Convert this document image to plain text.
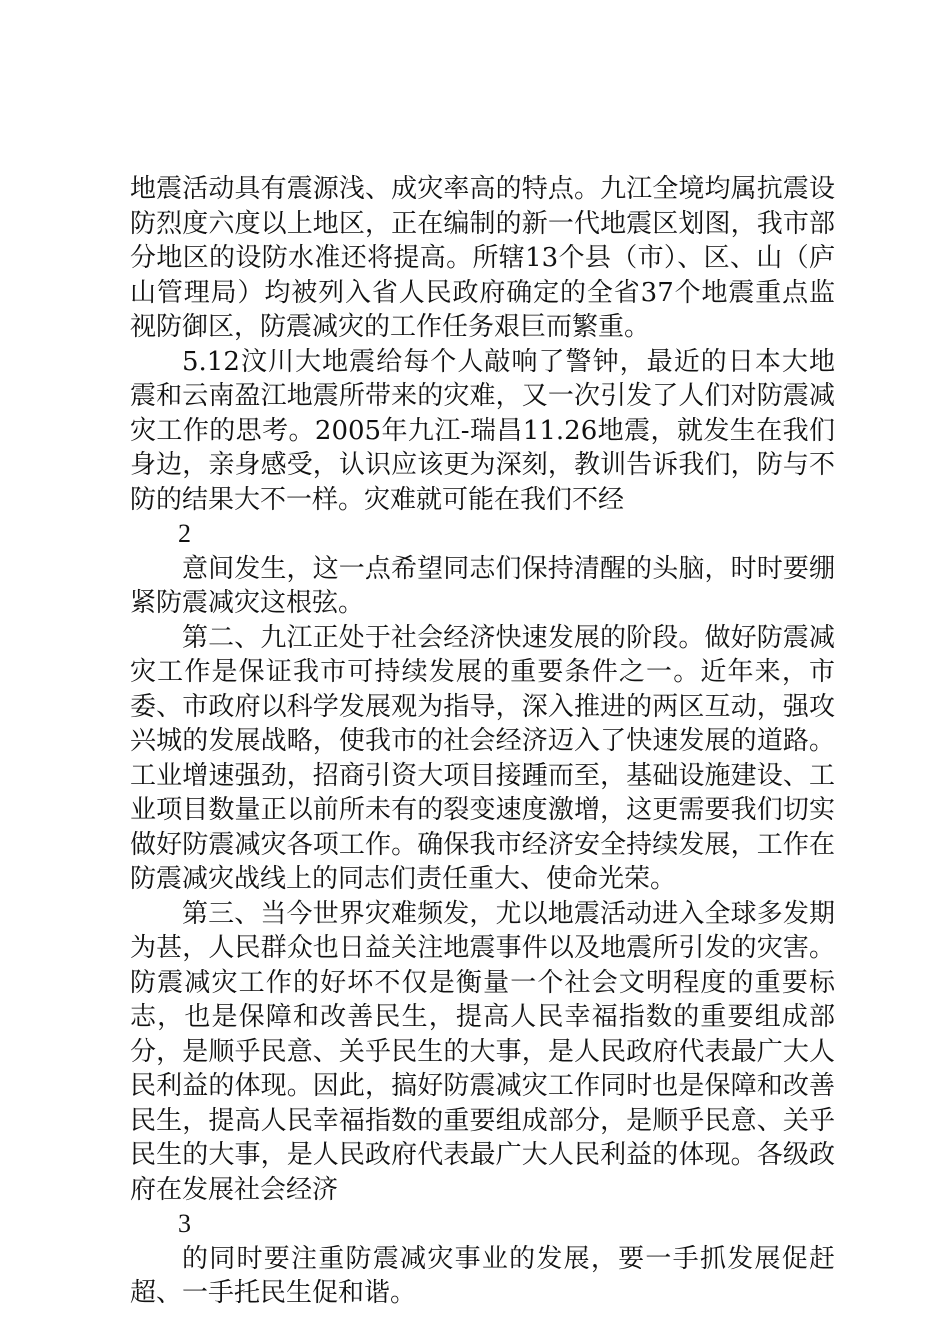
地震活动具有震源浅、成灾率高的特点。九江全境均属抗震设防烈度六度以上地区，正在编制的新一代地震区划图，我市部分地区的设防水准还将提高。所辖13个县（市）、区、山（庐山管理局）均被列入省人民政府确定的全省37个地震重点监视防御区，防震减灾的工作任务艰巨而繁重。

5.12汶川大地震给每个人敲响了警钟，最近的日本大地震和云南盈江地震所带来的灾难，又一次引发了人们对防震减灾工作的思考。2005年九江-瑞昌11.26地震，就发生在我们身边，亲身感受，认识应该更为深刻，教训告诉我们，防与不防的结果大不一样。灾难就可能在我们不经

2

意间发生，这一点希望同志们保持清醒的头脑，时时要绷紧防震减灾这根弦。

第二、九江正处于社会经济快速发展的阶段。做好防震减灾工作是保证我市可持续发展的重要条件之一。近年来，市委、市政府以科学发展观为指导，深入推进的两区互动，强攻兴城的发展战略，使我市的社会经济迈入了快速发展的道路。工业增速强劲，招商引资大项目接踵而至，基础设施建设、工业项目数量正以前所未有的裂变速度激增，这更需要我们切实做好防震减灾各项工作。确保我市经济安全持续发展，工作在防震减灾战线上的同志们责任重大、使命光荣。

第三、当今世界灾难频发，尤以地震活动进入全球多发期为甚，人民群众也日益关注地震事件以及地震所引发的灾害。防震减灾工作的好坏不仅是衡量一个社会文明程度的重要标志，也是保障和改善民生，提高人民幸福指数的重要组成部分，是顺乎民意、关乎民生的大事，是人民政府代表最广大人民利益的体现。因此，搞好防震减灾工作同时也是保障和改善民生，提高人民幸福指数的重要组成部分，是顺乎民意、关乎民生的大事，是人民政府代表最广大人民利益的体现。各级政府在发展社会经济

3

的同时要注重防震减灾事业的发展，要一手抓发展促赶超、一手托民生促和谐。
